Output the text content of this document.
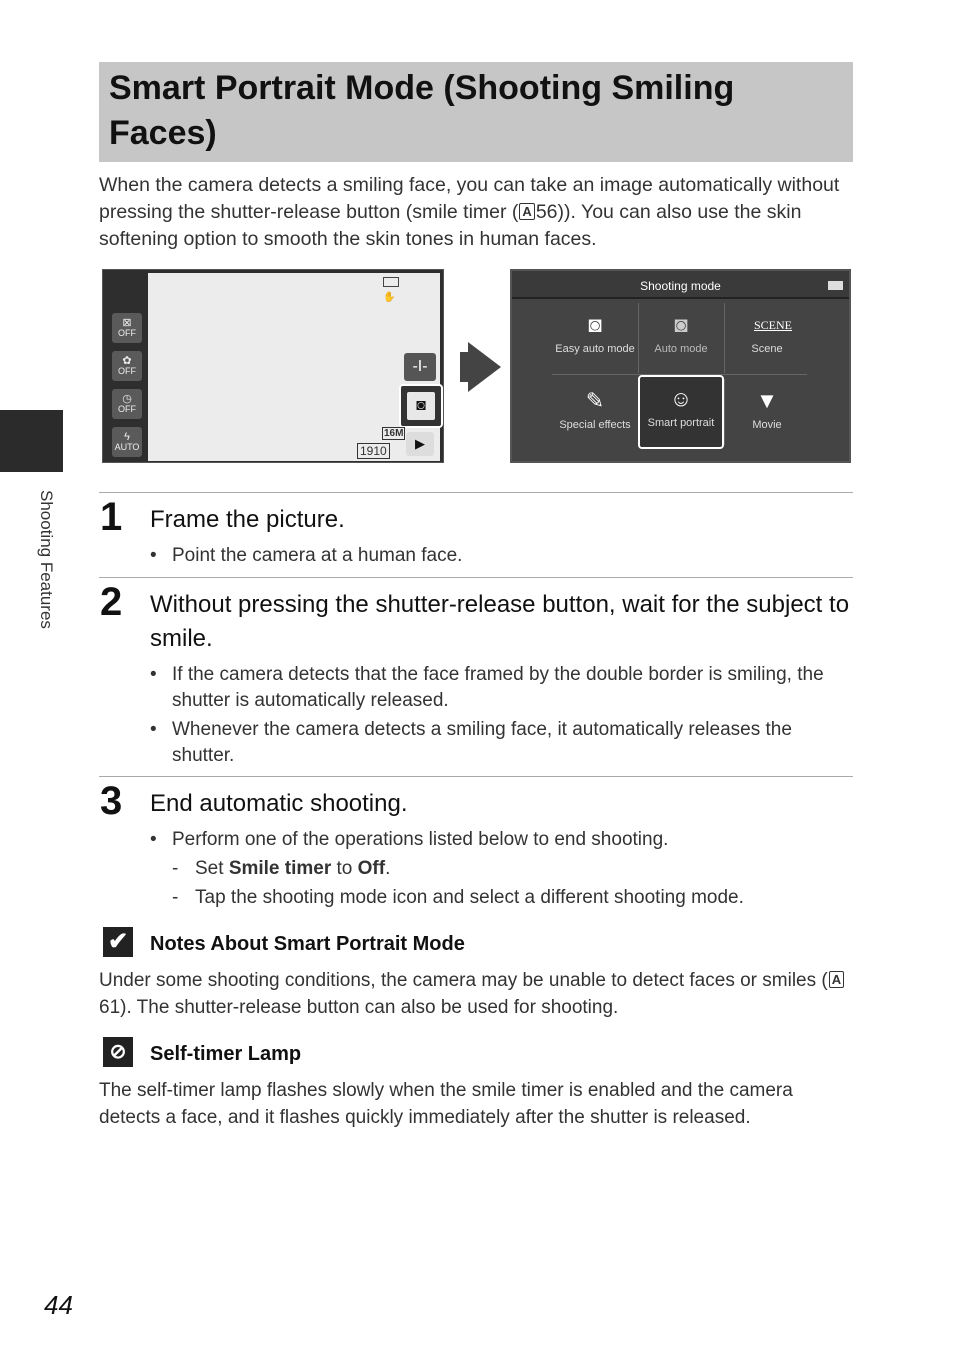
Smart Portrait Mode (Shooting Smiling Faces)
When the camera detects a smiling face, you can take an image automatically without pressing the shutter-release button (smile timer ( A 56)). You can also use the skin softening option to smooth the skin tones in human faces.
Shooting Features
⊠
OFF
✿
OFF
◷
OFF
ϟ
AUTO
✋
-I-
◙
16M
1910	▶
Shooting mode
◙
Easy auto mode
◙
Auto mode
SCENE
Scene
✎
Special effects
☺
Smart portrait
▼
Movie
1 Frame the picture.
• Point the camera at a human face.
2 Without pressing the shutter-release button, wait for the subject to smile.
• If the camera detects that the face framed by the double border is smiling, the shutter is automatically released.
• Whenever the camera detects a smiling face, it automatically releases the shutter.
3 End automatic shooting.
• Perform one of the operations listed below to end shooting.
- Set Smile timer to Off.
- Tap the shooting mode icon and select a different shooting mode.
✔ Notes About Smart Portrait Mode
Under some shooting conditions, the camera may be unable to detect faces or smiles ( A61). The shutter-release button can also be used for shooting.
⊘	Self-timer Lamp
The self-timer lamp flashes slowly when the smile timer is enabled and the camera detects a face, and it flashes quickly immediately after the shutter is released.
44
